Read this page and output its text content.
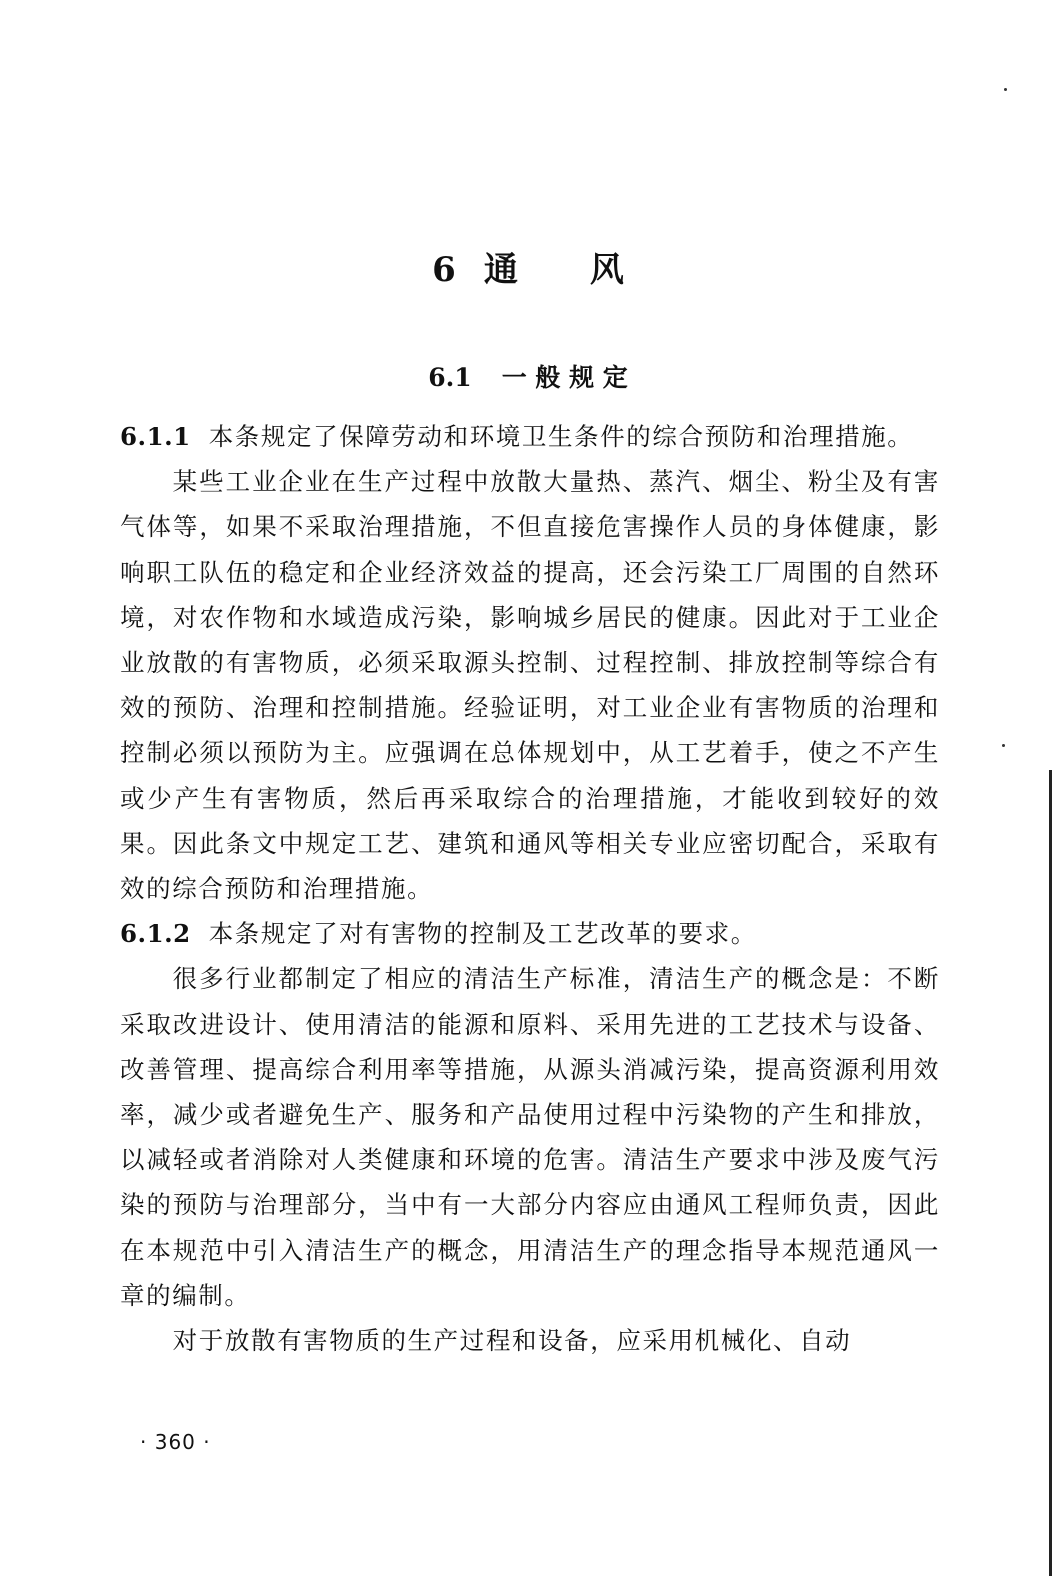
6 通 风
6.1 一 般 规 定

6.1.1 本条规定了保障劳动和环境卫生条件的综合预防和治理措施。

某些工业企业在生产过程中放散大量热、蒸汽、烟尘、粉尘及有害气体等，如果不采取治理措施，不但直接危害操作人员的身体健康，影响职工队伍的稳定和企业经济效益的提高，还会污染工厂周围的自然环境，对农作物和水域造成污染，影响城乡居民的健康。因此对于工业企业放散的有害物质，必须采取源头控制、过程控制、排放控制等综合有效的预防、治理和控制措施。经验证明，对工业企业有害物质的治理和控制必须以预防为主。应强调在总体规划中，从工艺着手，使之不产生或少产生有害物质，然后再采取综合的治理措施，才能收到较好的效果。因此条文中规定工艺、建筑和通风等相关专业应密切配合，采取有效的综合预防和治理措施。

6.1.2 本条规定了对有害物的控制及工艺改革的要求。

很多行业都制定了相应的清洁生产标准，清洁生产的概念是：不断采取改进设计、使用清洁的能源和原料、采用先进的工艺技术与设备、改善管理、提高综合利用率等措施，从源头消减污染，提高资源利用效率，减少或者避免生产、服务和产品使用过程中污染物的产生和排放，以减轻或者消除对人类健康和环境的危害。清洁生产要求中涉及废气污染的预防与治理部分，当中有一大部分内容应由通风工程师负责，因此在本规范中引入清洁生产的概念，用清洁生产的理念指导本规范通风一章的编制。

对于放散有害物质的生产过程和设备，应采用机械化、自动

· 360 ·
